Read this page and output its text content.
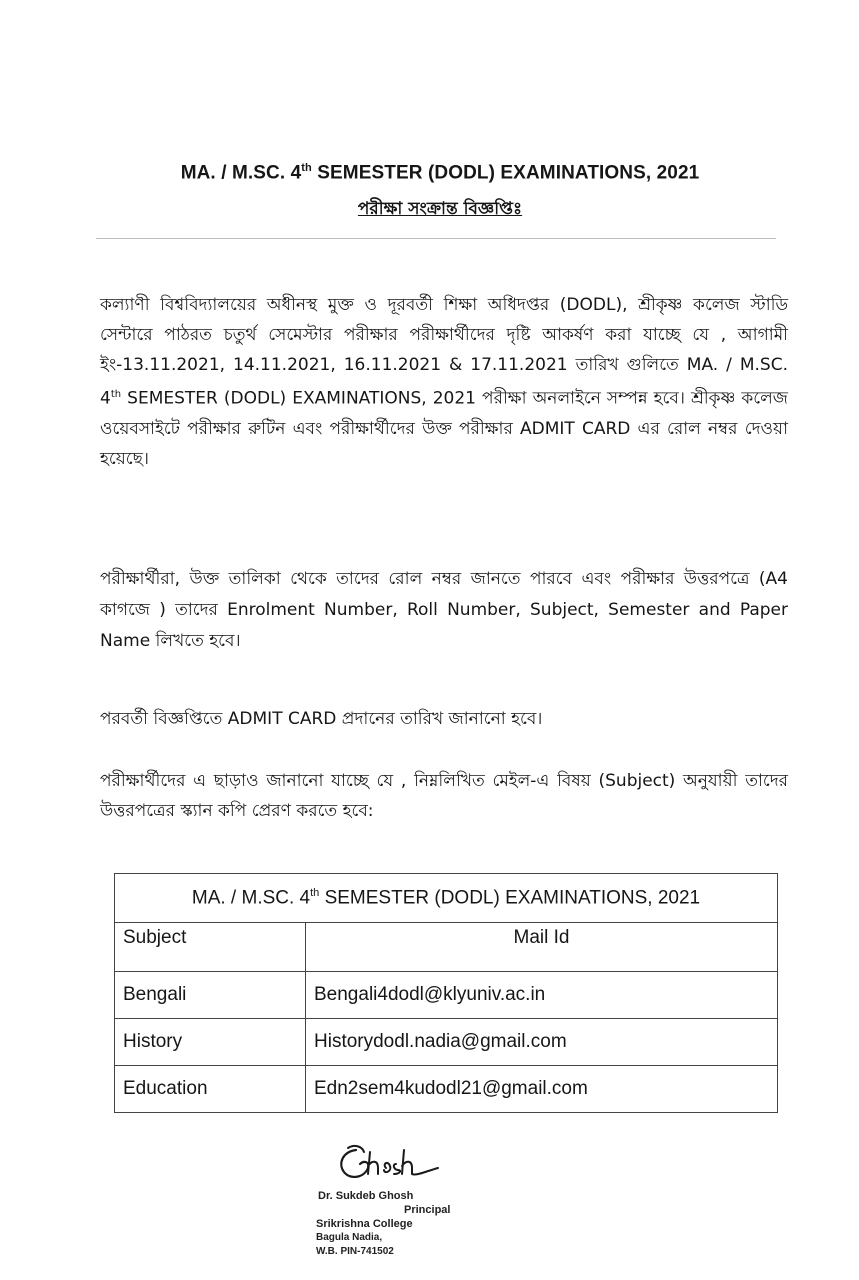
MA. / M.SC. 4th SEMESTER (DODL) EXAMINATIONS, 2021
পরীক্ষা সংক্রান্ত বিজ্ঞপ্তিঃ
কল্যাণী বিশ্ববিদ্যালয়ের অধীনস্থ মুক্ত ও দূরবর্তী শিক্ষা অধিদপ্তর (DODL), শ্রীকৃষ্ণ কলেজ স্টাডি সেন্টারে পাঠরত চতুর্থ সেমেস্টার পরীক্ষার পরীক্ষার্থীদের দৃষ্টি আকর্ষণ করা যাচ্ছে যে , আগামী ইং-13.11.2021, 14.11.2021, 16.11.2021 & 17.11.2021 তারিখ গুলিতে MA. / M.SC. 4th SEMESTER (DODL) EXAMINATIONS, 2021 পরীক্ষা অনলাইনে সম্পন্ন হবে। শ্রীকৃষ্ণ কলেজ ওয়েবসাইটে পরীক্ষার রুটিন এবং পরীক্ষার্থীদের উক্ত পরীক্ষার ADMIT CARD এর রোল নম্বর দেওয়া হয়েছে।
পরীক্ষার্থীরা, উক্ত তালিকা থেকে তাদের রোল নম্বর জানতে পারবে এবং পরীক্ষার উত্তরপত্রে (A4 কাগজে ) তাদের Enrolment Number, Roll Number, Subject, Semester and Paper Name লিখতে হবে।
পরবর্তী বিজ্ঞপ্তিতে ADMIT CARD প্রদানের তারিখ জানানো হবে।
পরীক্ষার্থীদের এ ছাড়াও জানানো যাচ্ছে যে , নিম্নলিখিত মেইল-এ বিষয় (Subject) অনুযায়ী তাদের উত্তরপত্রের স্ক্যান কপি প্রেরণ করতে হবে:
MA. / M.SC. 4th SEMESTER (DODL) EXAMINATIONS, 2021	
Subject	Mail Id
Bengali	Bengali4dodl@klyuniv.ac.in
History	Historydodl.nadia@gmail.com
Education	Edn2sem4kudodl21@gmail.com
Dr. Sukdeb Ghosh
Principal
Srikrishna College
Bagula Nadia,
W.B. PIN-741502
